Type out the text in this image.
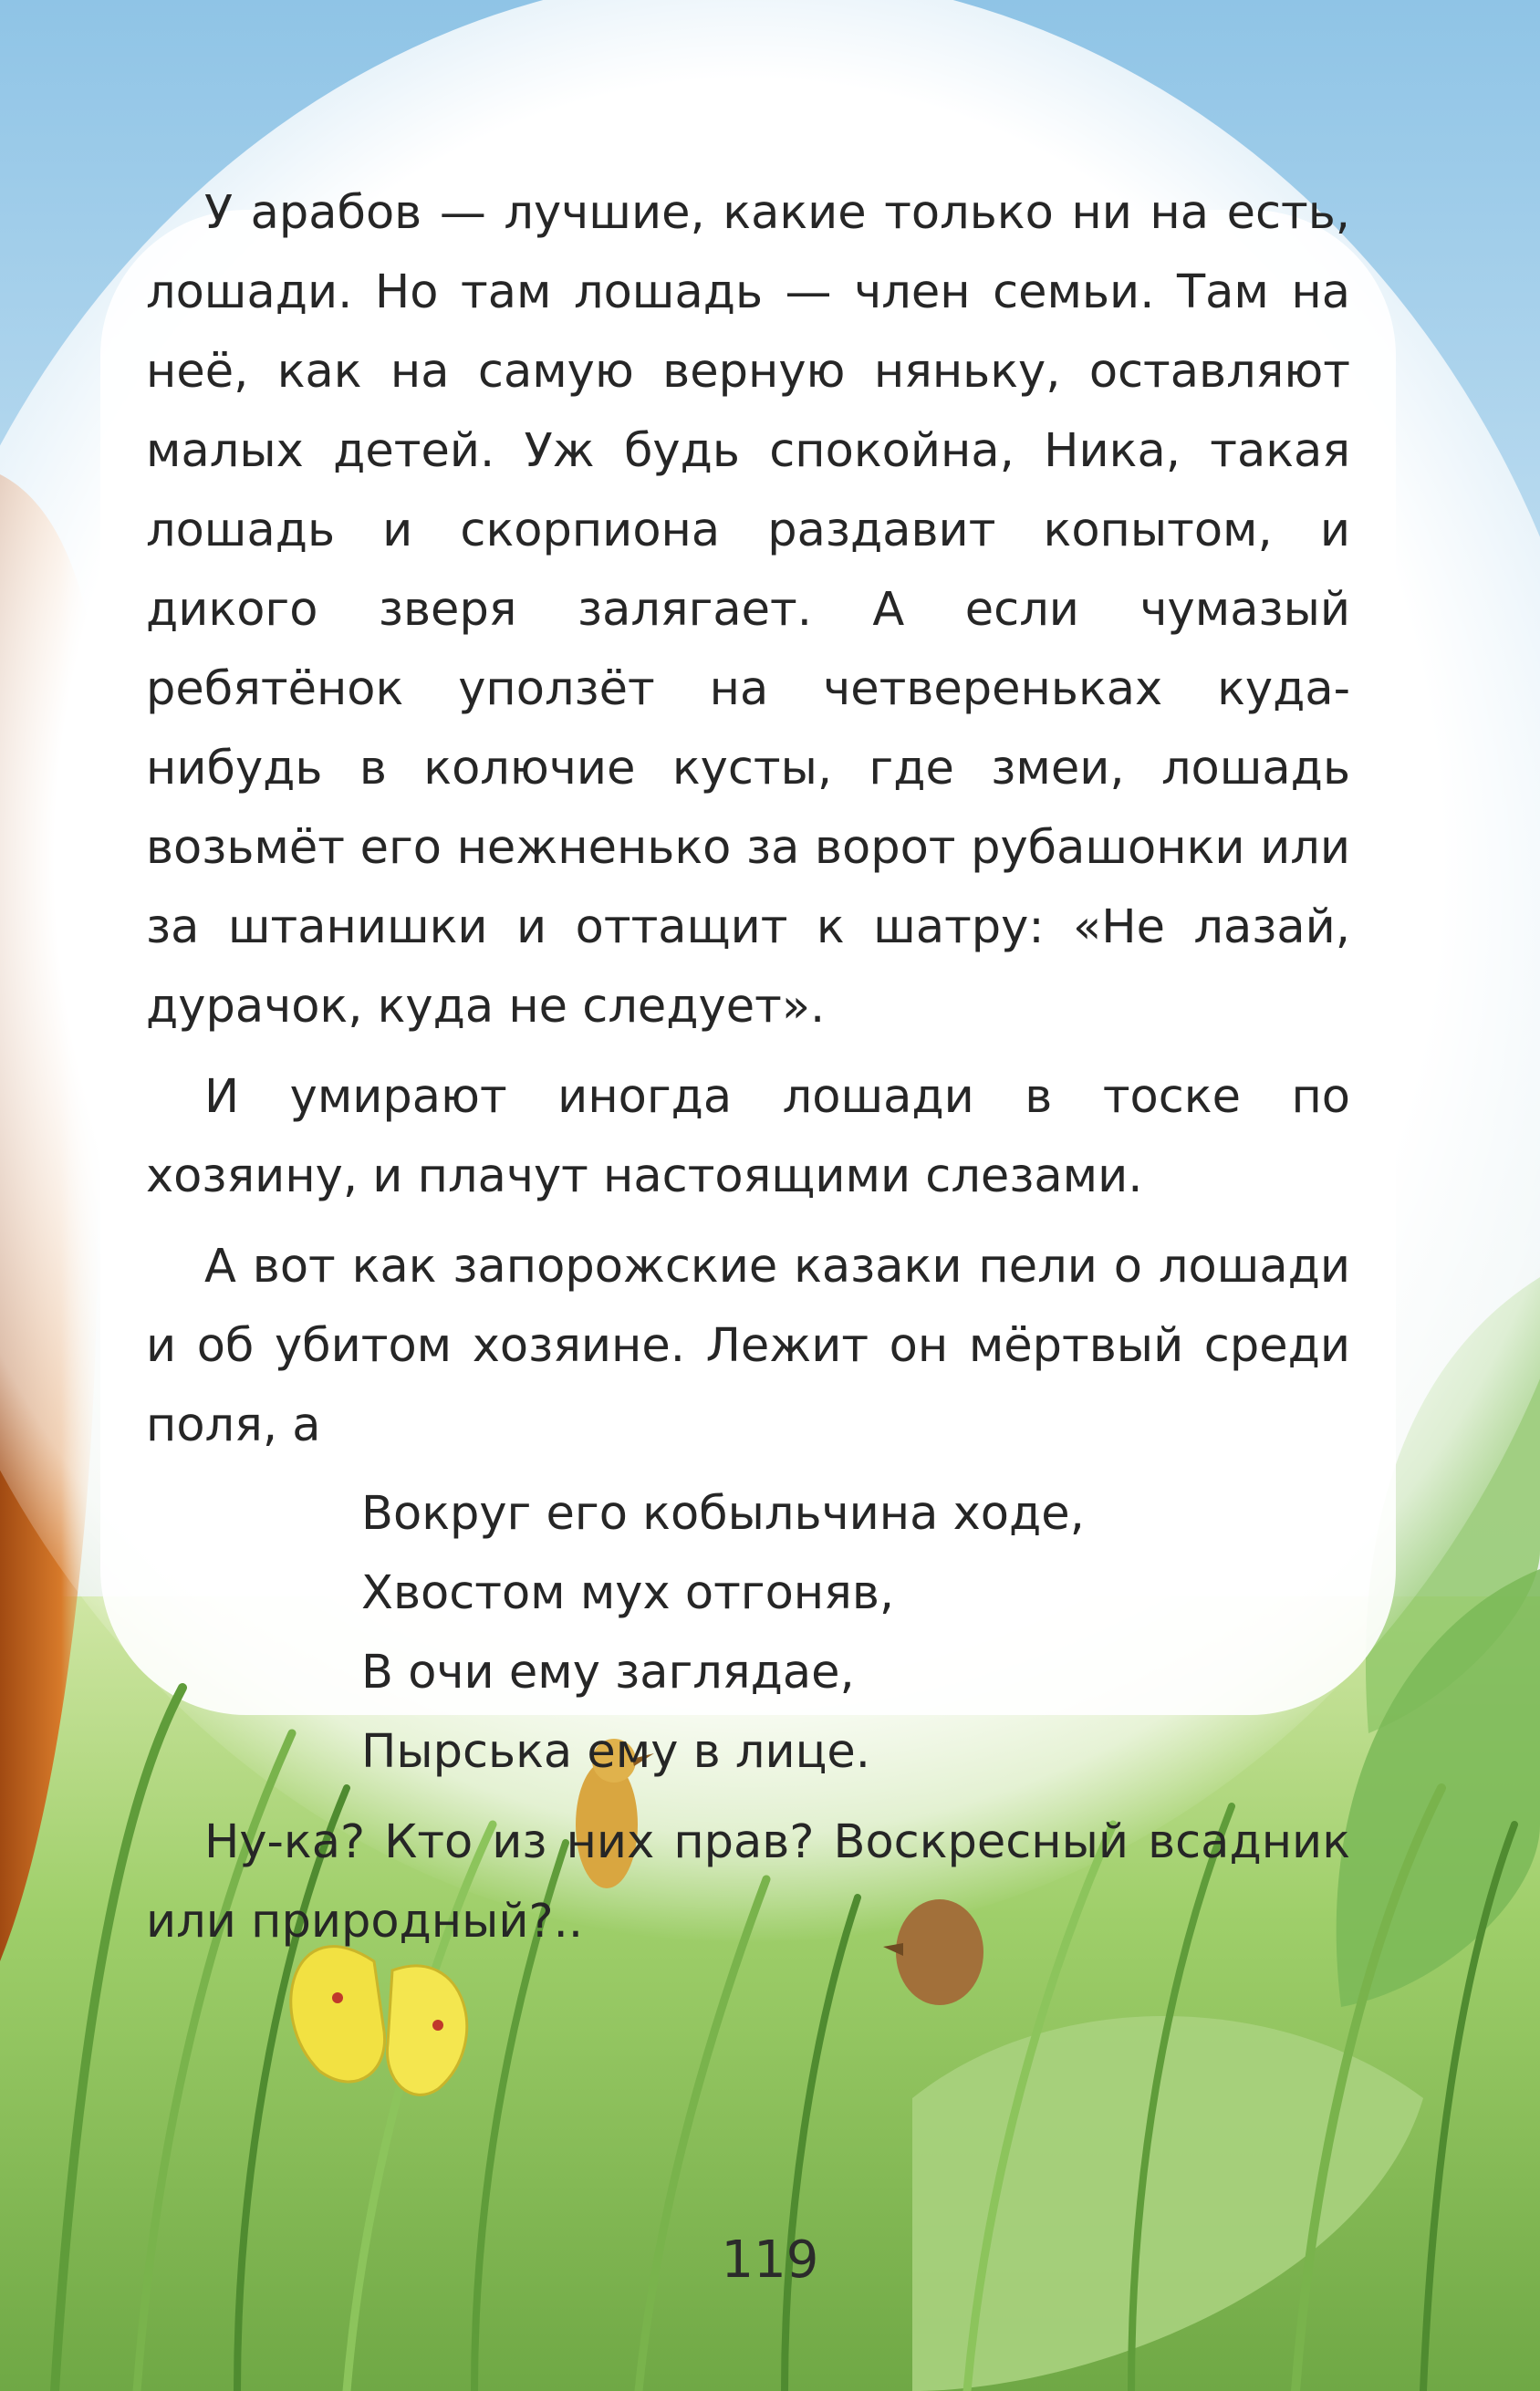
У арабов — лучшие, какие только ни на есть, лошади. Но там лошадь — член семьи. Там на неё, как на самую верную няньку, оставляют малых детей. Уж будь спокойна, Ника, такая лошадь и скорпиона раздавит копытом, и дикого зверя залягает. А если чумазый ребятёнок уползёт на четвереньках куда-нибудь в колючие кусты, где змеи, лошадь возьмёт его нежненько за ворот рубашонки или за штанишки и оттащит к шатру: «Не лазай, дурачок, куда не следует».

И умирают иногда лошади в тоске по хозяину, и плачут настоящими слезами.

А вот как запорожские казаки пели о лошади и об убитом хозяине. Лежит он мёртвый среди поля, а

Вокруг его кобыльчина ходе,
Хвостом мух отгоняв,
В очи ему заглядае,
Пырська ему в лице.

Ну-ка? Кто из них прав? Воскресный всадник или природный?..

119
